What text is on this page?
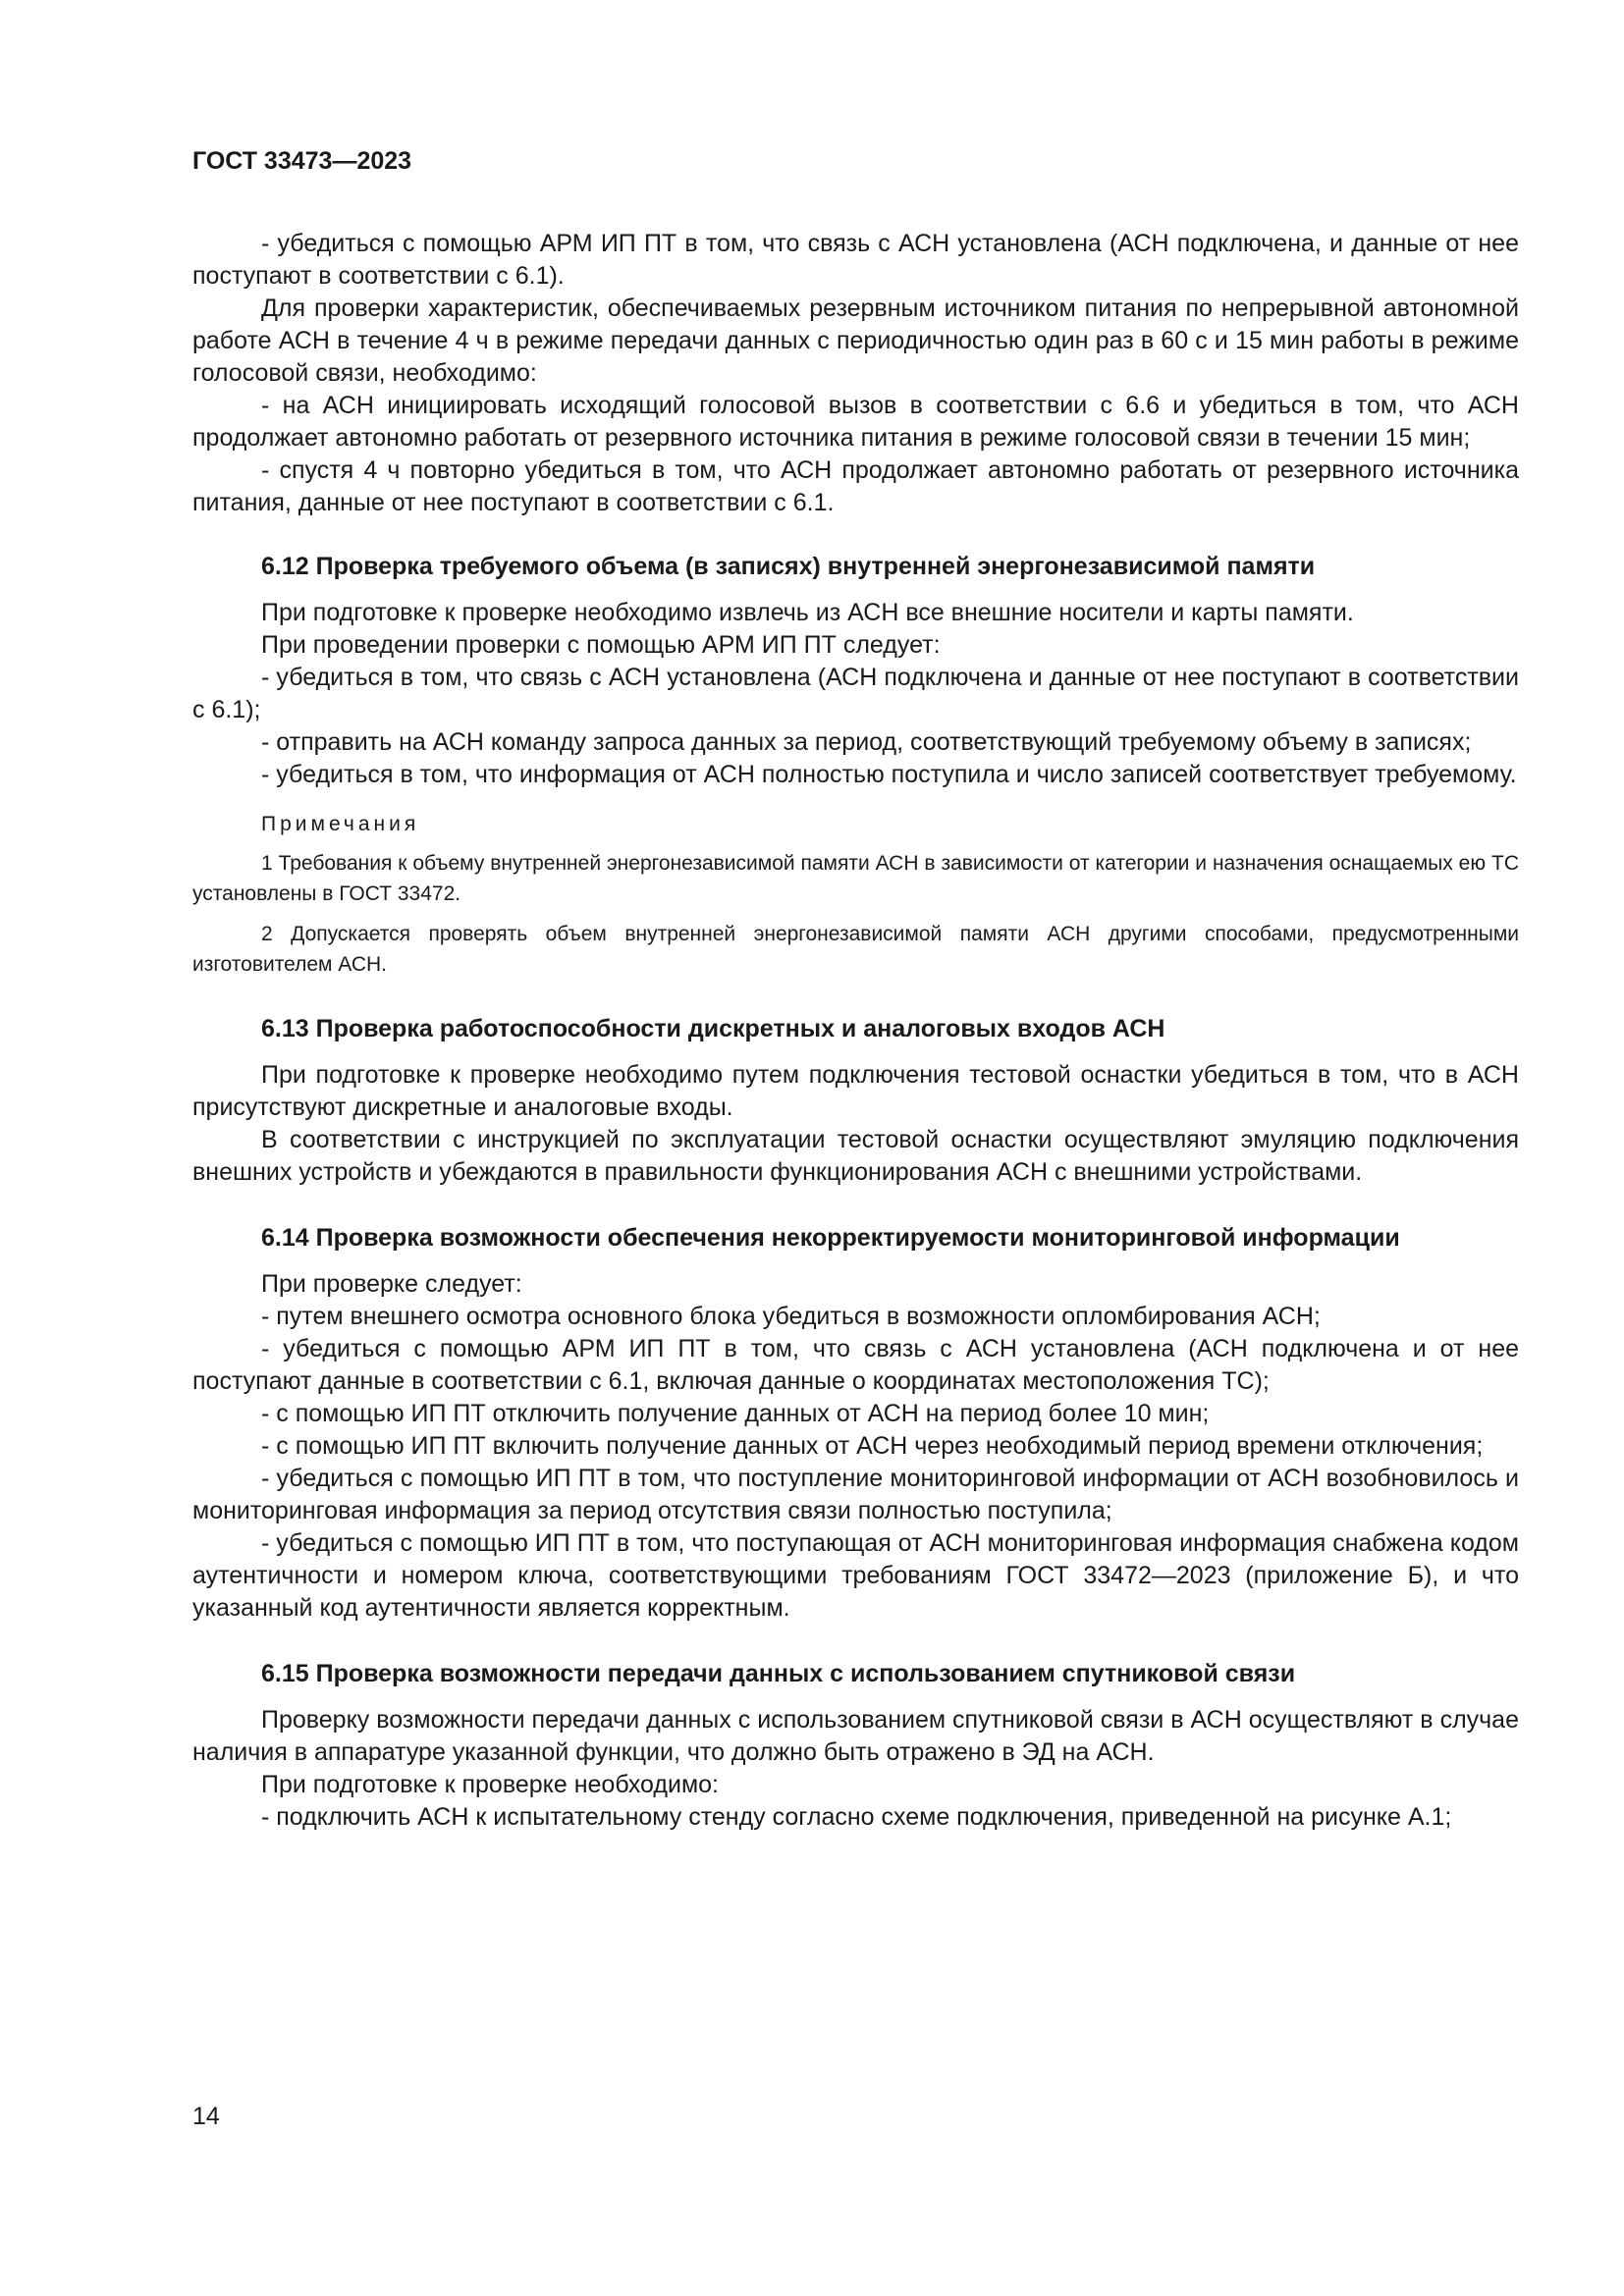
ГОСТ 33473—2023

- убедиться с помощью АРМ ИП ПТ в том, что связь с АСН установлена (АСН подключена, и данные от нее поступают в соответствии с 6.1).

Для проверки характеристик, обеспечиваемых резервным источником питания по непрерывной автономной работе АСН в течение 4 ч в режиме передачи данных с периодичностью один раз в 60 с и 15 мин работы в режиме голосовой связи, необходимо:

- на АСН инициировать исходящий голосовой вызов в соответствии с 6.6 и убедиться в том, что АСН продолжает автономно работать от резервного источника питания в режиме голосовой связи в течении 15 мин;

- спустя 4 ч повторно убедиться в том, что АСН продолжает автономно работать от резервного источника питания, данные от нее поступают в соответствии с 6.1.

6.12 Проверка требуемого объема (в записях) внутренней энергонезависимой памяти

При подготовке к проверке необходимо извлечь из АСН все внешние носители и карты памяти.

При проведении проверки с помощью АРМ ИП ПТ следует:

- убедиться в том, что связь с АСН установлена (АСН подключена и данные от нее поступают в соответствии с 6.1);

- отправить на АСН команду запроса данных за период, соответствующий требуемому объему в записях;

- убедиться в том, что информация от АСН полностью поступила и число записей соответствует требуемому.

Примечания

1 Требования к объему внутренней энергонезависимой памяти АСН в зависимости от категории и назначения оснащаемых ею ТС установлены в ГОСТ 33472.

2 Допускается проверять объем внутренней энергонезависимой памяти АСН другими способами, предусмотренными изготовителем АСН.

6.13 Проверка работоспособности дискретных и аналоговых входов АСН

При подготовке к проверке необходимо путем подключения тестовой оснастки убедиться в том, что в АСН присутствуют дискретные и аналоговые входы.

В соответствии с инструкцией по эксплуатации тестовой оснастки осуществляют эмуляцию подключения внешних устройств и убеждаются в правильности функционирования АСН с внешними устройствами.

6.14 Проверка возможности обеспечения некорректируемости мониторинговой информации

При проверке следует:

- путем внешнего осмотра основного блока убедиться в возможности опломбирования АСН;

- убедиться с помощью АРМ ИП ПТ в том, что связь с АСН установлена (АСН подключена и от нее поступают данные в соответствии с 6.1, включая данные о координатах местоположения ТС);

- с помощью ИП ПТ отключить получение данных от АСН на период более 10 мин;

- с помощью ИП ПТ включить получение данных от АСН через необходимый период времени отключения;

- убедиться с помощью ИП ПТ в том, что поступление мониторинговой информации от АСН возобновилось и мониторинговая информация за период отсутствия связи полностью поступила;

- убедиться с помощью ИП ПТ в том, что поступающая от АСН мониторинговая информация снабжена кодом аутентичности и номером ключа, соответствующими требованиям ГОСТ 33472—2023 (приложение Б), и что указанный код аутентичности является корректным.

6.15 Проверка возможности передачи данных с использованием спутниковой связи

Проверку возможности передачи данных с использованием спутниковой связи в АСН осуществляют в случае наличия в аппаратуре указанной функции, что должно быть отражено в ЭД на АСН.

При подготовке к проверке необходимо:

- подключить АСН к испытательному стенду согласно схеме подключения, приведенной на рисунке А.1;

14
